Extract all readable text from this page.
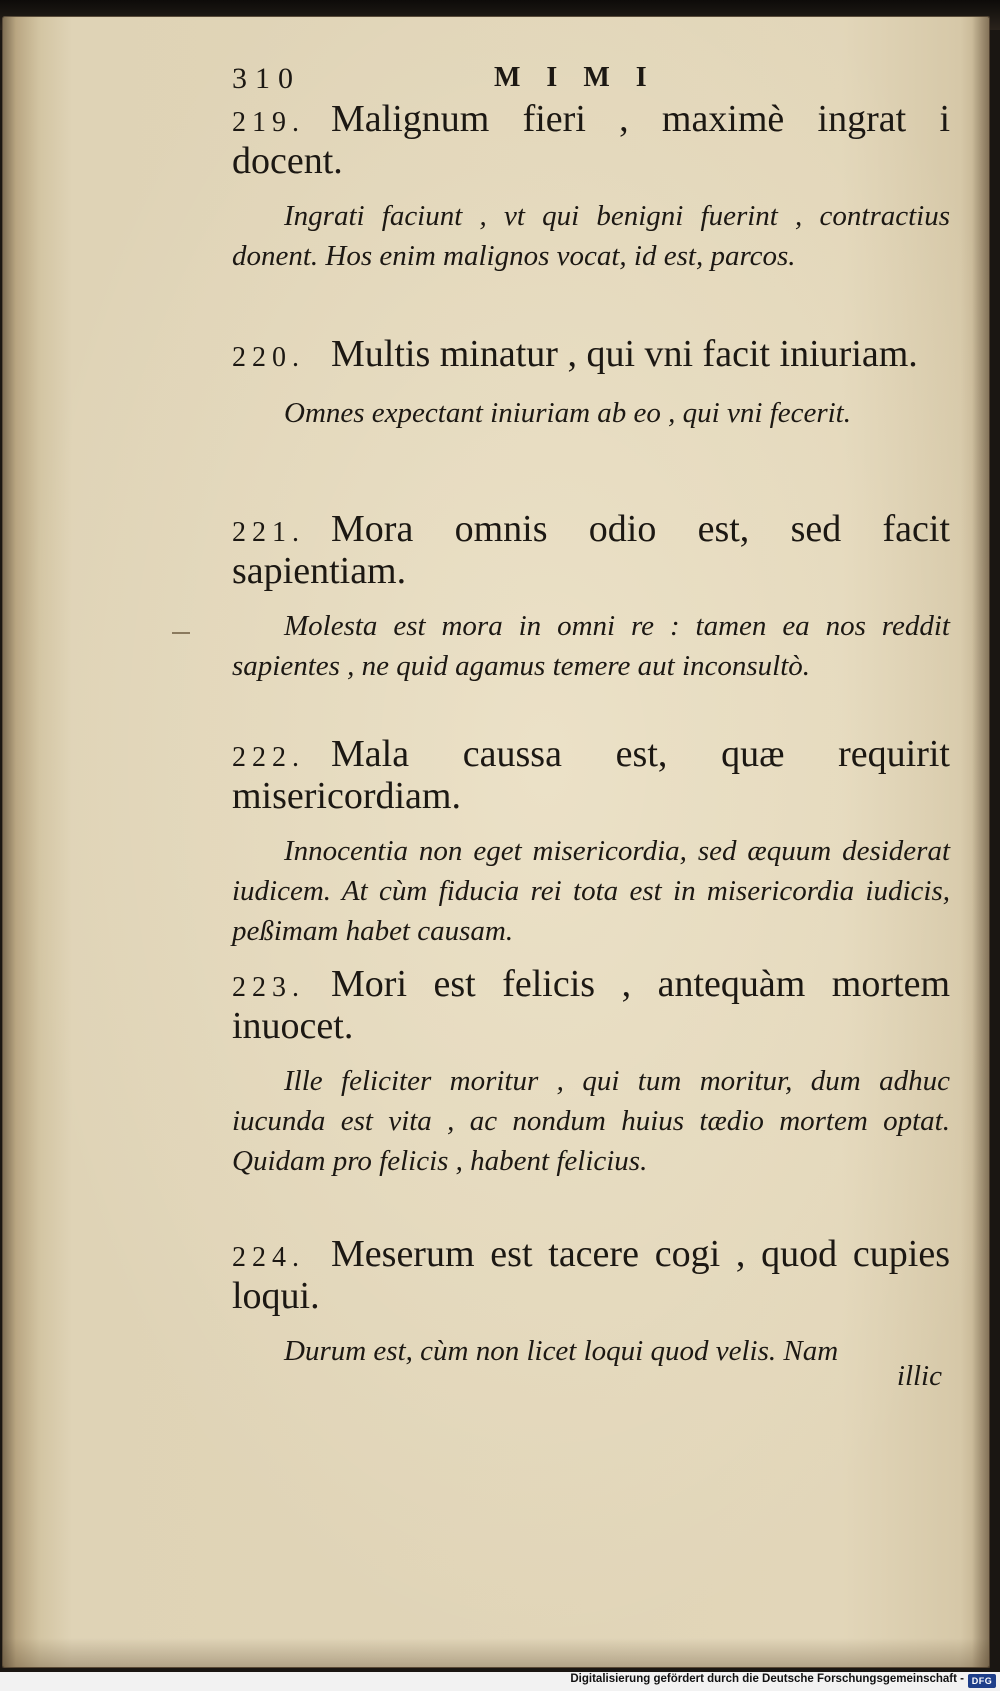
310	MIMI
219. Malignum fieri , maximè ingrat i docent.
Ingrati faciunt , vt qui benigni fuerint , contractius donent. Hos enim malignos vocat, id est, parcos.
220. Multis minatur , qui vni facit iniuriam.
Omnes expectant iniuriam ab eo , qui vni fecerit.
221. Mora omnis odio est, sed facit sapientiam.
Molesta est mora in omni re : tamen ea nos reddit sapientes , ne quid agamus temere aut inconsultò.
222. Mala caussa est, quæ requirit misericordiam.
Innocentia non eget misericordia, sed æquum desiderat iudicem. At cùm fiducia rei tota est in misericordia iudicis, peßimam habet causam.
223. Mori est felicis , antequàm mortem inuocet.
Ille feliciter moritur , qui tum moritur, dum adhuc iucunda est vita , ac nondum huius tædio mortem optat. Quidam pro felicis , habent felicius.
224. Meserum est tacere cogi , quod cupies loqui.
Durum est, cùm non licet loqui quod velis. Nam
illic
Digitalisierung gefördert durch die Deutsche Forschungsgemeinschaft - DFG
